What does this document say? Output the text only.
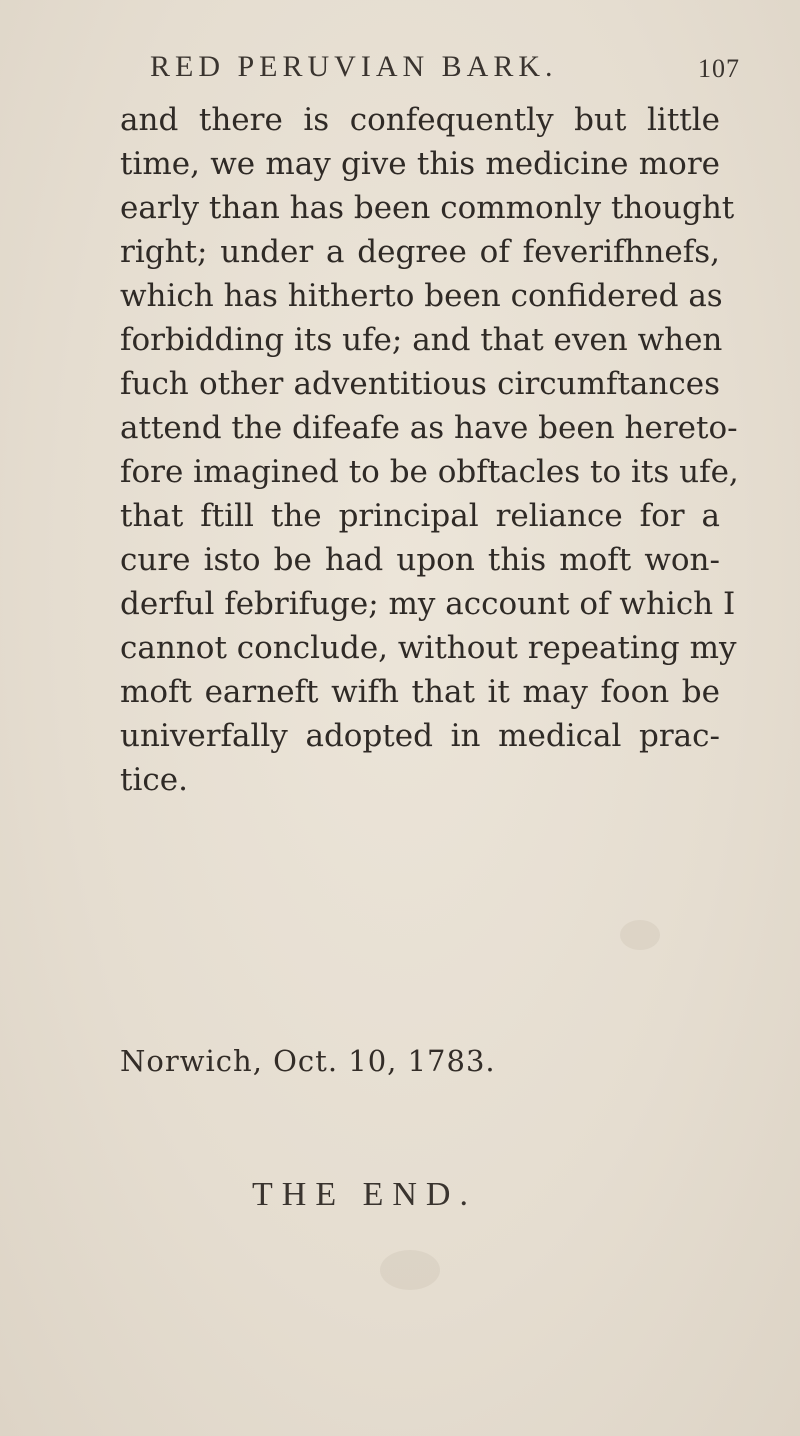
RED PERUVIAN BARK.	107
and there is confequently but little
time, we may give this medicine more
early than has been commonly thought
right; under a degree of feverifhnefs,
which has hitherto been confidered as
forbidding its ufe; and that even when
fuch other adventitious circumftances
attend the difeafe as have been hereto-
fore imagined to be obftacles to its ufe,
that ftill the principal reliance for a
cure isto be had upon this moft won-
derful febrifuge; my account of which I
cannot conclude, without repeating my
moft earneft wifh that it may foon be
univerfally adopted in medical prac-
tice.
Norwich, Oct. 10, 1783.
THE END.
